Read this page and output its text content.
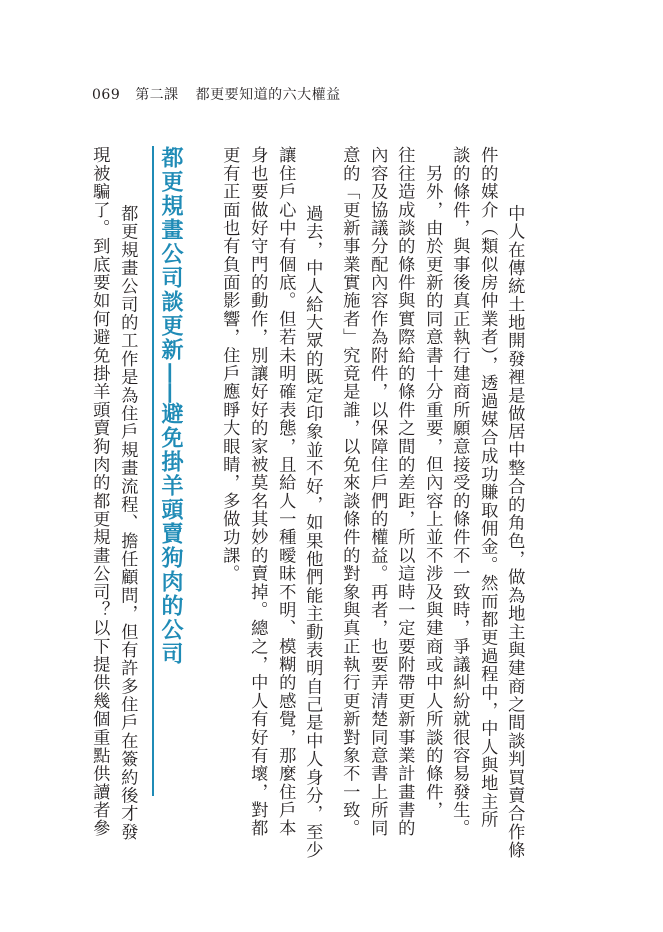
069 第二課 都更要知道的六大權益
　中人在傳統土地開發裡是做居中整合的角色，做為地主與建商之間談判買賣合作條
件的媒介（類似房仲業者），透過媒合成功賺取佣金。然而都更過程中，中人與地主所
談的條件，與事後真正執行建商所願意接受的條件不一致時，爭議糾紛就很容易發生。
　另外，由於更新的同意書十分重要，但內容上並不涉及與建商或中人所談的條件，
往往造成談的條件與實際給的條件之間的差距，所以這時一定要附帶更新事業計畫書的
內容及協議分配內容作為附件，以保障住戶們的權益。再者，也要弄清楚同意書上所同
意的「更新事業實施者」究竟是誰，以免來談條件的對象與真正執行更新對象不一致。
　過去，中人給大眾的既定印象並不好，如果他們能主動表明自己是中人身分，至少
讓住戶心中有個底。但若未明確表態，且給人一種曖昧不明、模糊的感覺，那麼住戶本
身也要做好守門的動作，別讓好好的家被莫名其妙的賣掉。總之，中人有好有壞，對都
更有正面也有負面影響，住戶應睜大眼睛，多做功課。
都更規畫公司談更新——避免掛羊頭賣狗肉的公司
　都更規畫公司的工作是為住戶規畫流程、擔任顧問，但有許多住戶在簽約後才發
現被騙了。到底要如何避免掛羊頭賣狗肉的都更規畫公司？以下提供幾個重點供讀者參
